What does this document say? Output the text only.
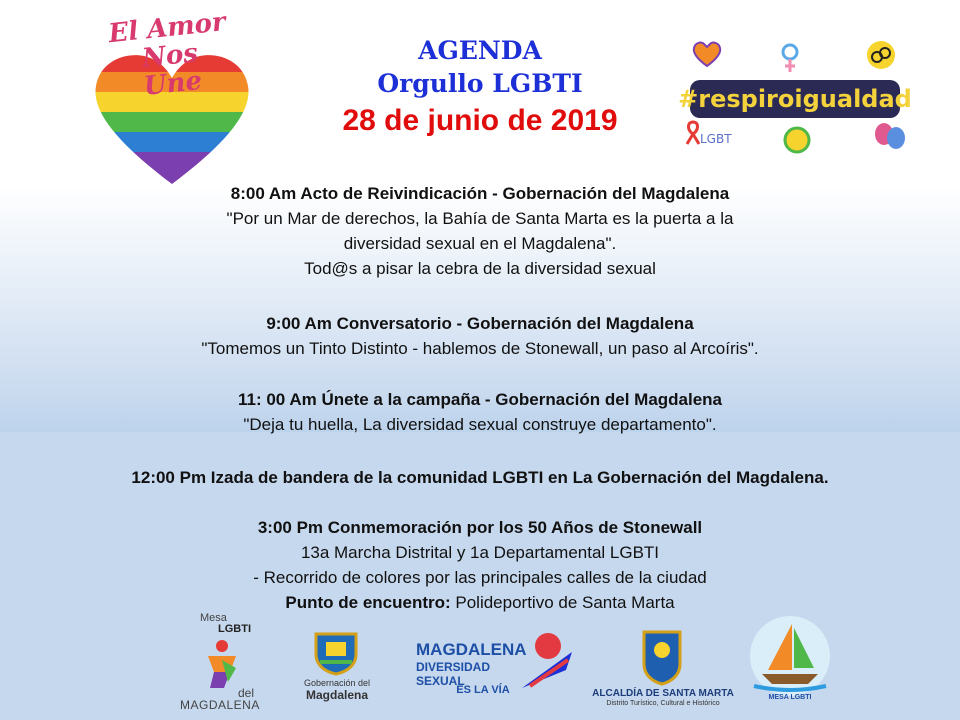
El Amor Nos
Une
AGENDA
Orgullo LGBTI
28 de junio de 2019
#respiroigualdad
LGBT
8:00 Am Acto de Reivindicación - Gobernación del Magdalena
"Por un Mar de derechos, la Bahía de Santa Marta es la puerta a la
diversidad sexual en el Magdalena".
Tod@s a pisar la cebra de la diversidad sexual
9:00 Am Conversatorio - Gobernación del Magdalena
"Tomemos un Tinto Distinto - hablemos de Stonewall, un paso al Arcoíris".
11: 00 Am Únete a la campaña - Gobernación del Magdalena
"Deja tu huella, La diversidad sexual construye departamento".
12:00 Pm Izada de bandera de la comunidad LGBTI en La Gobernación del Magdalena.
3:00 Pm Conmemoración por los 50 Años de Stonewall
13a Marcha Distrital y 1a Departamental LGBTI
- Recorrido de colores por las principales calles de la ciudad
Punto de encuentro: Polideportivo de Santa Marta
Mesa
LGBTI
del
MAGDALENA
Gobernación del
Magdalena
MAGDALENA
DIVERSIDAD SEXUAL
ES LA VÍA	ALCALDÍA DE SANTA MARTA
Distrito Turístico, Cultural e Histórico
MESA LGBTI
